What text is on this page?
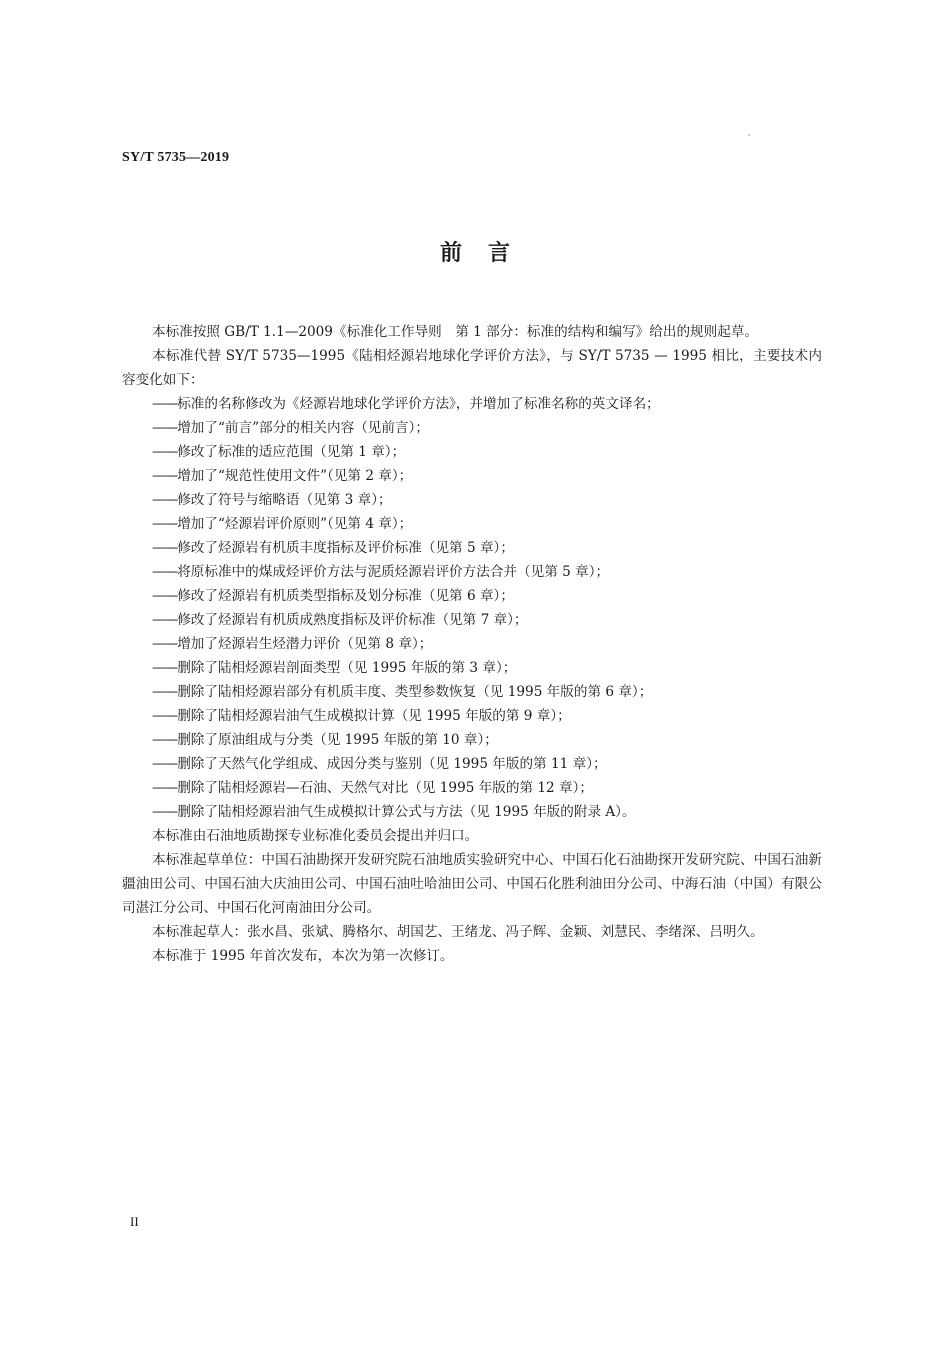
SY/T 5735—2019
前言

本标准按照 GB/T 1.1—2009《标准化工作导则　第 1 部分：标准的结构和编写》给出的规则起草。

本标准代替 SY/T 5735—1995《陆相烃源岩地球化学评价方法》，与 SY/T 5735 — 1995 相比，主要技术内容变化如下：

——标准的名称修改为《烃源岩地球化学评价方法》，并增加了标准名称的英文译名；

——增加了“前言”部分的相关内容（见前言）；

——修改了标准的适应范围（见第 1 章）；

——增加了“规范性使用文件”（见第 2 章）；

——修改了符号与缩略语（见第 3 章）；

——增加了“烃源岩评价原则”（见第 4 章）；

——修改了烃源岩有机质丰度指标及评价标准（见第 5 章）；

——将原标准中的煤成烃评价方法与泥质烃源岩评价方法合并（见第 5 章）；

——修改了烃源岩有机质类型指标及划分标准（见第 6 章）；

——修改了烃源岩有机质成熟度指标及评价标准（见第 7 章）；

——增加了烃源岩生烃潜力评价（见第 8 章）；

——删除了陆相烃源岩剖面类型（见 1995 年版的第 3 章）；

——删除了陆相烃源岩部分有机质丰度、类型参数恢复（见 1995 年版的第 6 章）；

——删除了陆相烃源岩油气生成模拟计算（见 1995 年版的第 9 章）；

——删除了原油组成与分类（见 1995 年版的第 10 章）；

——删除了天然气化学组成、成因分类与鉴别（见 1995 年版的第 11 章）；

——删除了陆相烃源岩—石油、天然气对比（见 1995 年版的第 12 章）；

——删除了陆相烃源岩油气生成模拟计算公式与方法（见 1995 年版的附录 A）。

本标准由石油地质勘探专业标准化委员会提出并归口。

本标准起草单位：中国石油勘探开发研究院石油地质实验研究中心、中国石化石油勘探开发研究院、中国石油新疆油田公司、中国石油大庆油田公司、中国石油吐哈油田公司、中国石化胜利油田分公司、中海石油（中国）有限公司湛江分公司、中国石化河南油田分公司。

本标准起草人：张水昌、张斌、腾格尔、胡国艺、王绪龙、冯子辉、金颖、刘慧民、李绪深、吕明久。

本标准于 1995 年首次发布，本次为第一次修订。

II
